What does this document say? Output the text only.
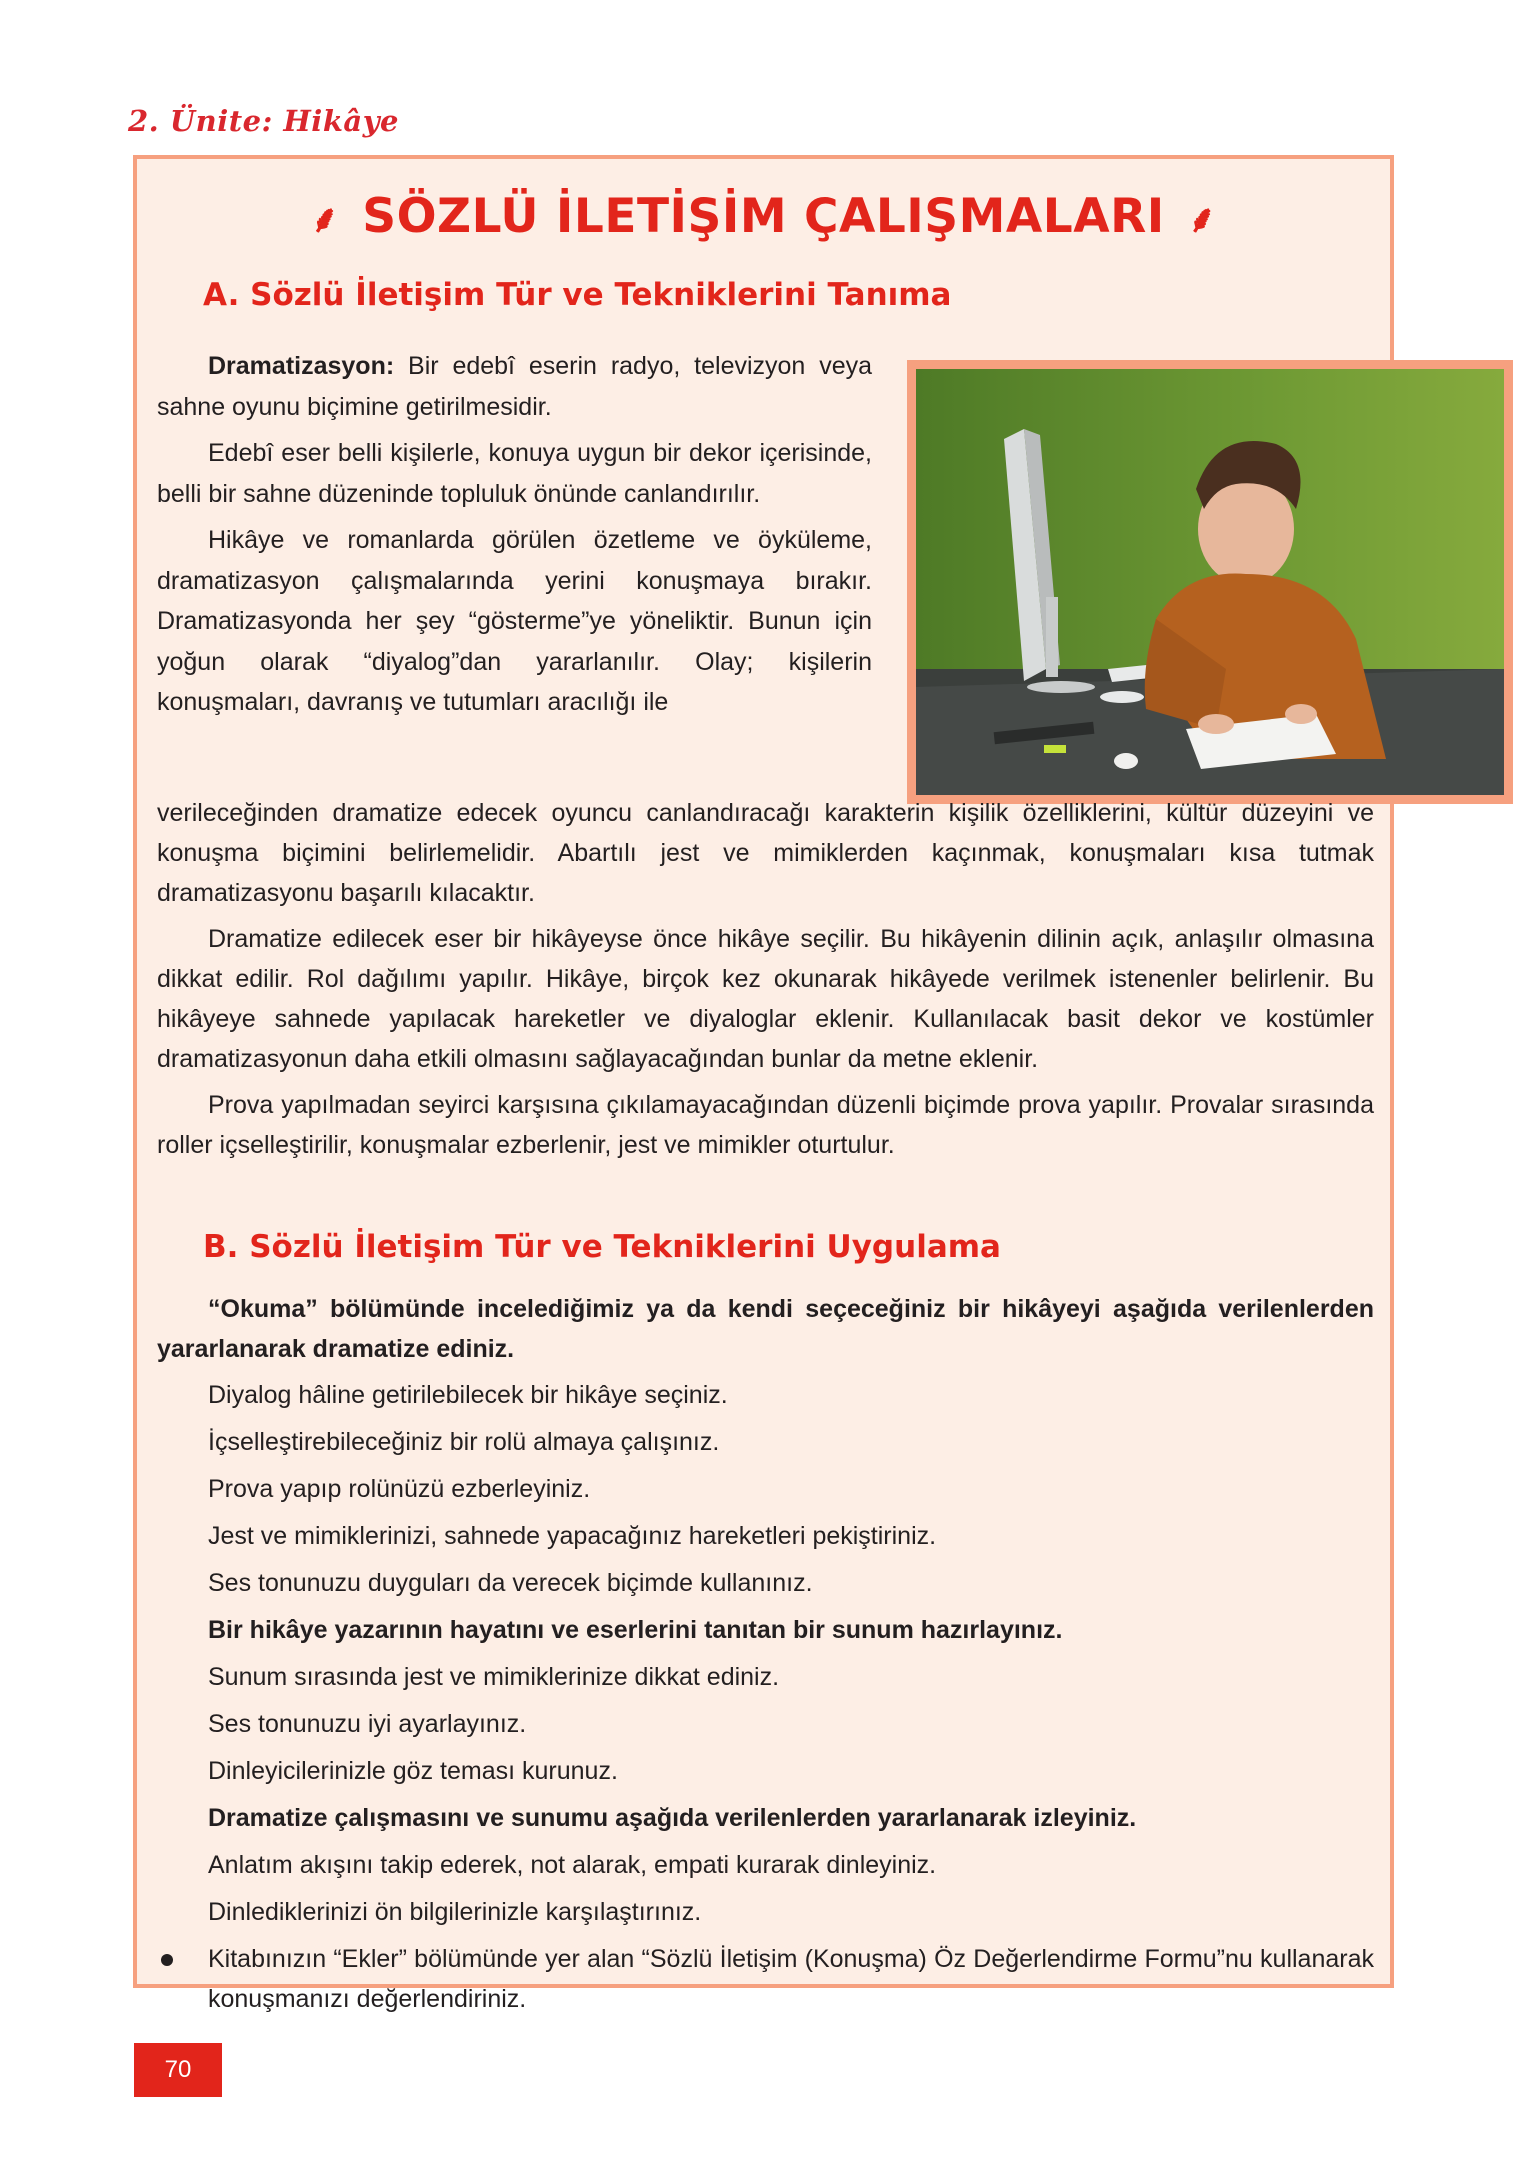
2. Ünite: Hikâye
⸙ SÖZLÜ İLETİŞİM ÇALIŞMALARI ⸙
A. Sözlü İletişim Tür ve Tekniklerini Tanıma

Dramatizasyon: Bir edebî eserin radyo, televizyon veya sahne oyunu biçimine getirilmesidir.

Edebî eser belli kişilerle, konuya uygun bir dekor içerisinde, belli bir sahne düzeninde topluluk önünde canlandırılır.

Hikâye ve romanlarda görülen özetleme ve öyküleme, dramatizasyon çalışmalarında yerini konuşmaya bırakır. Dramatizasyonda her şey “gösterme”ye yöneliktir. Bunun için yoğun olarak “diyalog”dan yararlanılır. Olay; kişilerin konuşmaları, davranış ve tutumları aracılığı ile

verileceğinden dramatize edecek oyuncu canlandıracağı karakterin kişilik özelliklerini, kültür düzeyini ve konuşma biçimini belirlemelidir. Abartılı jest ve mimiklerden kaçınmak, konuşmaları kısa tutmak dramatizasyonu başarılı kılacaktır.

Dramatize edilecek eser bir hikâyeyse önce hikâye seçilir. Bu hikâyenin dilinin açık, anlaşılır olmasına dikkat edilir. Rol dağılımı yapılır. Hikâye, birçok kez okunarak hikâyede verilmek istenenler belirlenir. Bu hikâyeye sahnede yapılacak hareketler ve diyaloglar eklenir. Kullanılacak basit dekor ve kostümler dramatizasyonun daha etkili olmasını sağlayacağından bunlar da metne eklenir.

Prova yapılmadan seyirci karşısına çıkılamayacağından düzenli biçimde prova yapılır. Provalar sırasında roller içselleştirilir, konuşmalar ezberlenir, jest ve mimikler oturtulur.

B. Sözlü İletişim Tür ve Tekniklerini Uygulama

“Okuma” bölümünde incelediğimiz ya da kendi seçeceğiniz bir hikâyeyi aşağıda verilenlerden yararlanarak dramatize ediniz.

Diyalog hâline getirilebilecek bir hikâye seçiniz.
İçselleştirebileceğiniz bir rolü almaya çalışınız.
Prova yapıp rolünüzü ezberleyiniz.
Jest ve mimiklerinizi, sahnede yapacağınız hareketleri pekiştiriniz.
Ses tonunuzu duyguları da verecek biçimde kullanınız.
Bir hikâye yazarının hayatını ve eserlerini tanıtan bir sunum hazırlayınız.
Sunum sırasında jest ve mimiklerinize dikkat ediniz.
Ses tonunuzu iyi ayarlayınız.
Dinleyicilerinizle göz teması kurunuz.
Dramatize çalışmasını ve sunumu aşağıda verilenlerden yararlanarak izleyiniz.
Anlatım akışını takip ederek, not alarak, empati kurarak dinleyiniz.
Dinlediklerinizi ön bilgilerinizle karşılaştırınız.
Kitabınızın “Ekler” bölümünde yer alan “Sözlü İletişim (Konuşma) Öz Değerlendirme Formu”nu kullanarak konuşmanızı değerlendiriniz.
70
